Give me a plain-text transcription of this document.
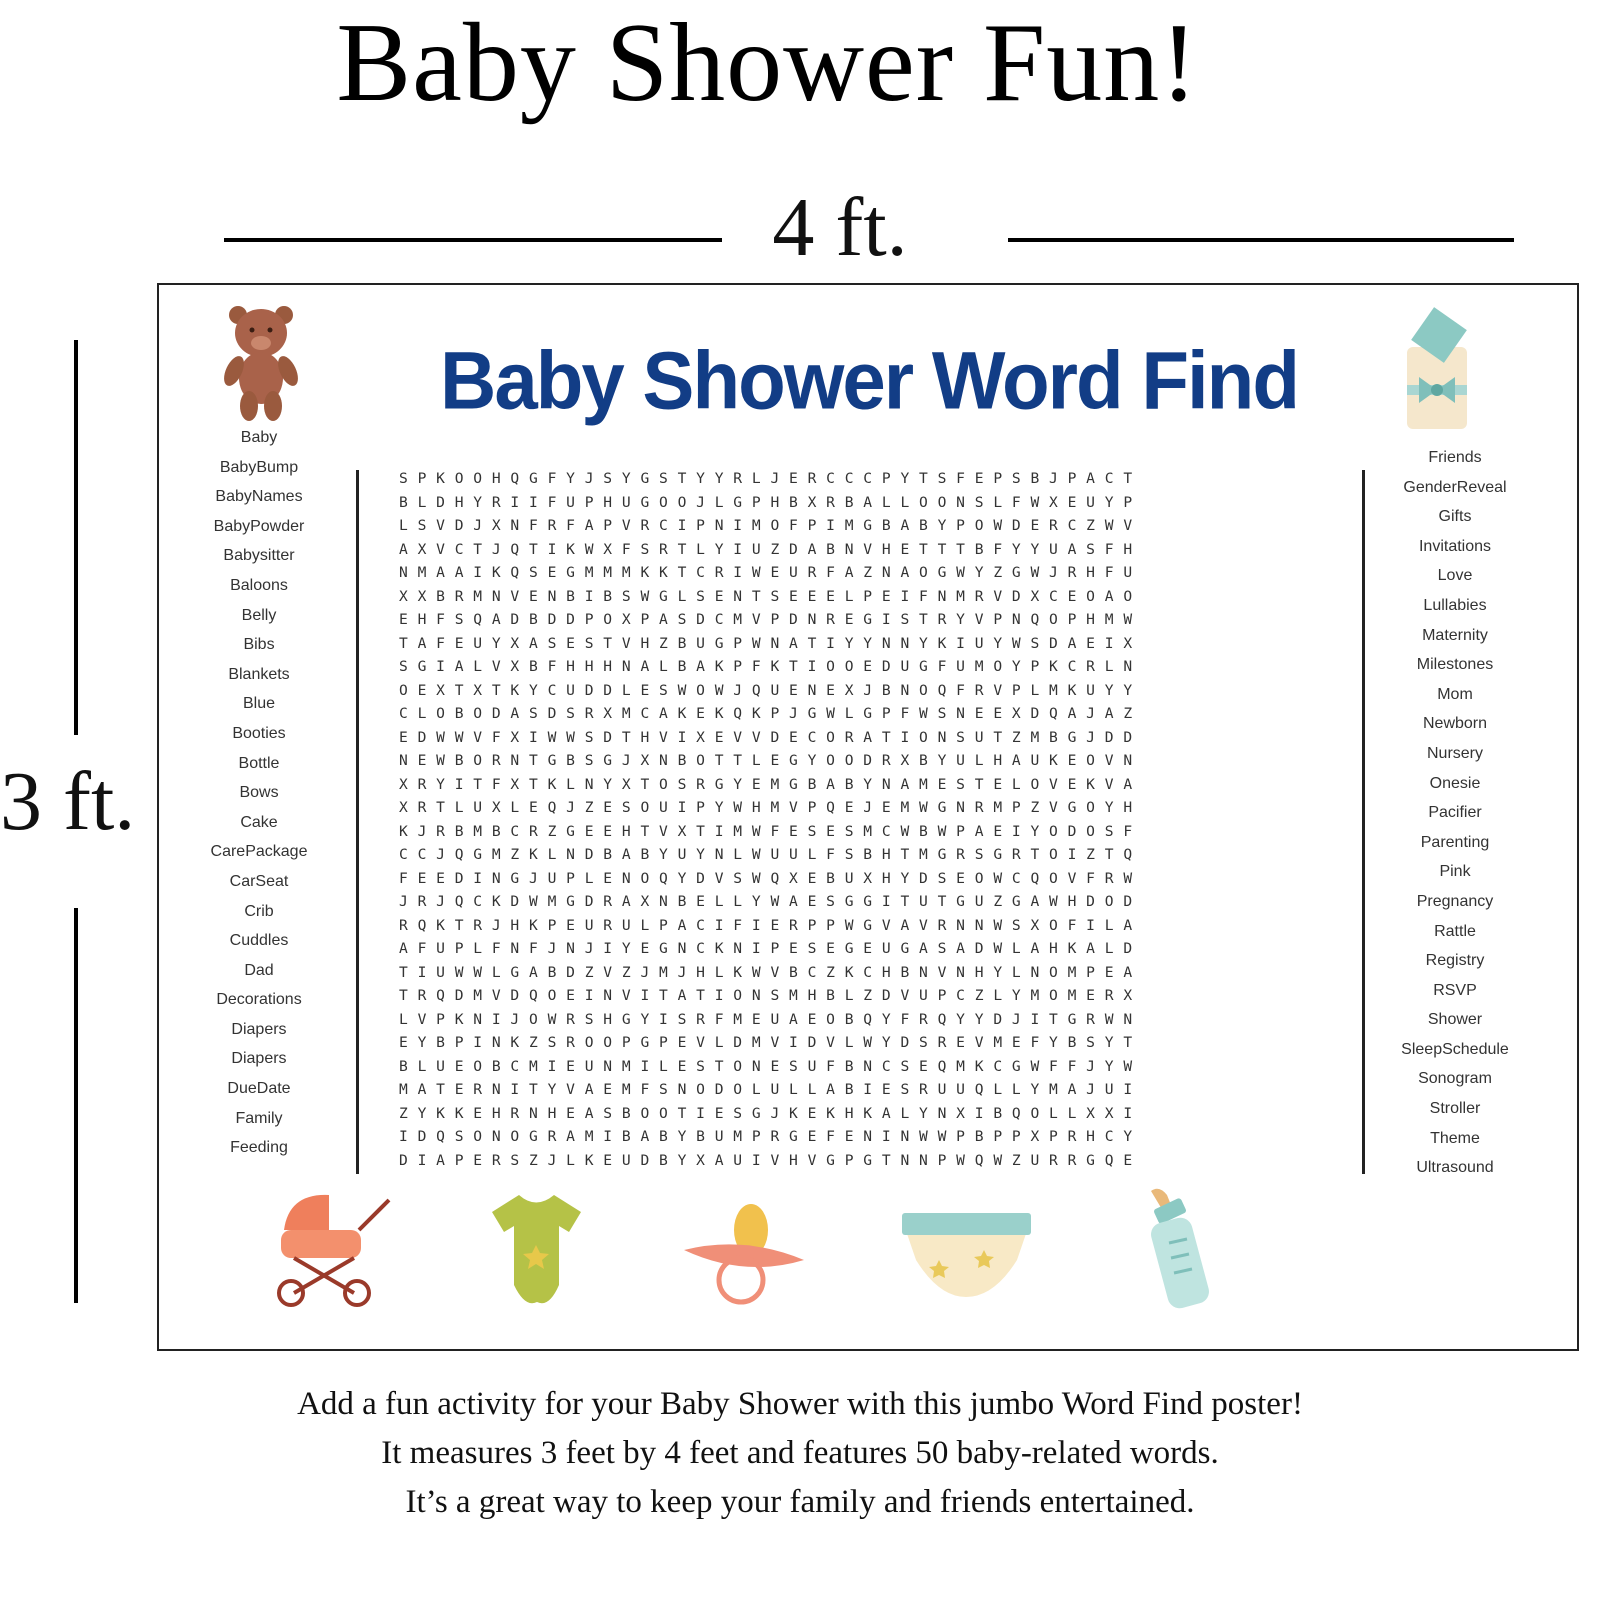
Baby Shower Fun!
4 ft.
3 ft.
Baby Shower Word Find
Baby
BabyBump
BabyNames
BabyPowder
Babysitter
Baloons
Belly
Bibs
Blankets
Blue
Booties
Bottle
Bows
Cake
CarePackage
CarSeat
Crib
Cuddles
Dad
Decorations
Diapers
Diapers
DueDate
Family
Feeding
S P K O O H Q G F Y J S Y G S T Y Y R L J E R C C C P Y T S F E P S B J P A C T
B L D H Y R I I F U P H U G O O J L G P H B X R B A L L O O N S L F W X E U Y P
L S V D J X N F R F A P V R C I P N I M O F P I M G B A B Y P O W D E R C Z W V
A X V C T J Q T I K W X F S R T L Y I U Z D A B N V H E T T T B F Y Y U A S F H
N M A A I K Q S E G M M M K K T C R I W E U R F A Z N A O G W Y Z G W J R H F U
X X B R M N V E N B I B S W G L S E N T S E E E L P E I F N M R V D X C E O A O
E H F S Q A D B D D P O X P A S D C M V P D N R E G I S T R Y V P N Q O P H M W
T A F E U Y X A S E S T V H Z B U G P W N A T I Y Y N N Y K I U Y W S D A E I X
S G I A L V X B F H H H N A L B A K P F K T I O O E D U G F U M O Y P K C R L N
O E X T X T K Y C U D D L E S W O W J Q U E N E X J B N O Q F R V P L M K U Y Y
C L O B O D A S D S R X M C A K E K Q K P J G W L G P F W S N E E X D Q A J A Z
E D W W V F X I W W S D T H V I X E V V D E C O R A T I O N S U T Z M B G J D D
N E W B O R N T G B S G J X N B O T T L E G Y O O D R X B Y U L H A U K E O V N
X R Y I T F X T K L N Y X T O S R G Y E M G B A B Y N A M E S T E L O V E K V A
X R T L U X L E Q J Z E S O U I P Y W H M V P Q E J E M W G N R M P Z V G O Y H
K J R B M B C R Z G E E H T V X T I M W F E S E S M C W B W P A E I Y O D O S F
C C J Q G M Z K L N D B A B Y U Y N L W U U L F S B H T M G R S G R T O I Z T Q
F E E D I N G J U P L E N O Q Y D V S W Q X E B U X H Y D S E O W C Q O V F R W
J R J Q C K D W M G D R A X N B E L L Y W A E S G G I T U T G U Z G A W H D O D
R Q K T R J H K P E U R U L P A C I F I E R P P W G V A V R N N W S X O F I L A
A F U P L F N F J N J I Y E G N C K N I P E S E G E U G A S A D W L A H K A L D
T I U W W L G A B D Z V Z J M J H L K W V B C Z K C H B N V N H Y L N O M P E A
T R Q D M V D Q O E I N V I T A T I O N S M H B L Z D V U P C Z L Y M O M E R X
L V P K N I J O W R S H G Y I S R F M E U A E O B Q Y F R Q Y Y D J I T G R W N
E Y B P I N K Z S R O O P G P E V L D M V I D V L W Y D S R E V M E F Y B S Y T
B L U E O B C M I E U N M I L E S T O N E S U F B N C S E Q M K C G W F F J Y W
M A T E R N I T Y V A E M F S N O D O L U L L A B I E S R U U Q L L Y M A J U I
Z Y K K E H R N H E A S B O O T I E S G J K E K H K A L Y N X I B Q O L L X X I
I D Q S O N O G R A M I B A B Y B U M P R G E F E N I N W W P B P P X P R H C Y
D I A P E R S Z J L K E U D B Y X A U I V H V G P G T N N P W Q W Z U R R G Q E
Friends
GenderReveal
Gifts
Invitations
Love
Lullabies
Maternity
Milestones
Mom
Newborn
Nursery
Onesie
Pacifier
Parenting
Pink
Pregnancy
Rattle
Registry
RSVP
Shower
SleepSchedule
Sonogram
Stroller
Theme
Ultrasound
Add a fun activity for your Baby Shower with this jumbo Word Find poster!
It measures 3 feet by 4 feet and features 50 baby-related words.
It’s a great way to keep your family and friends entertained.
